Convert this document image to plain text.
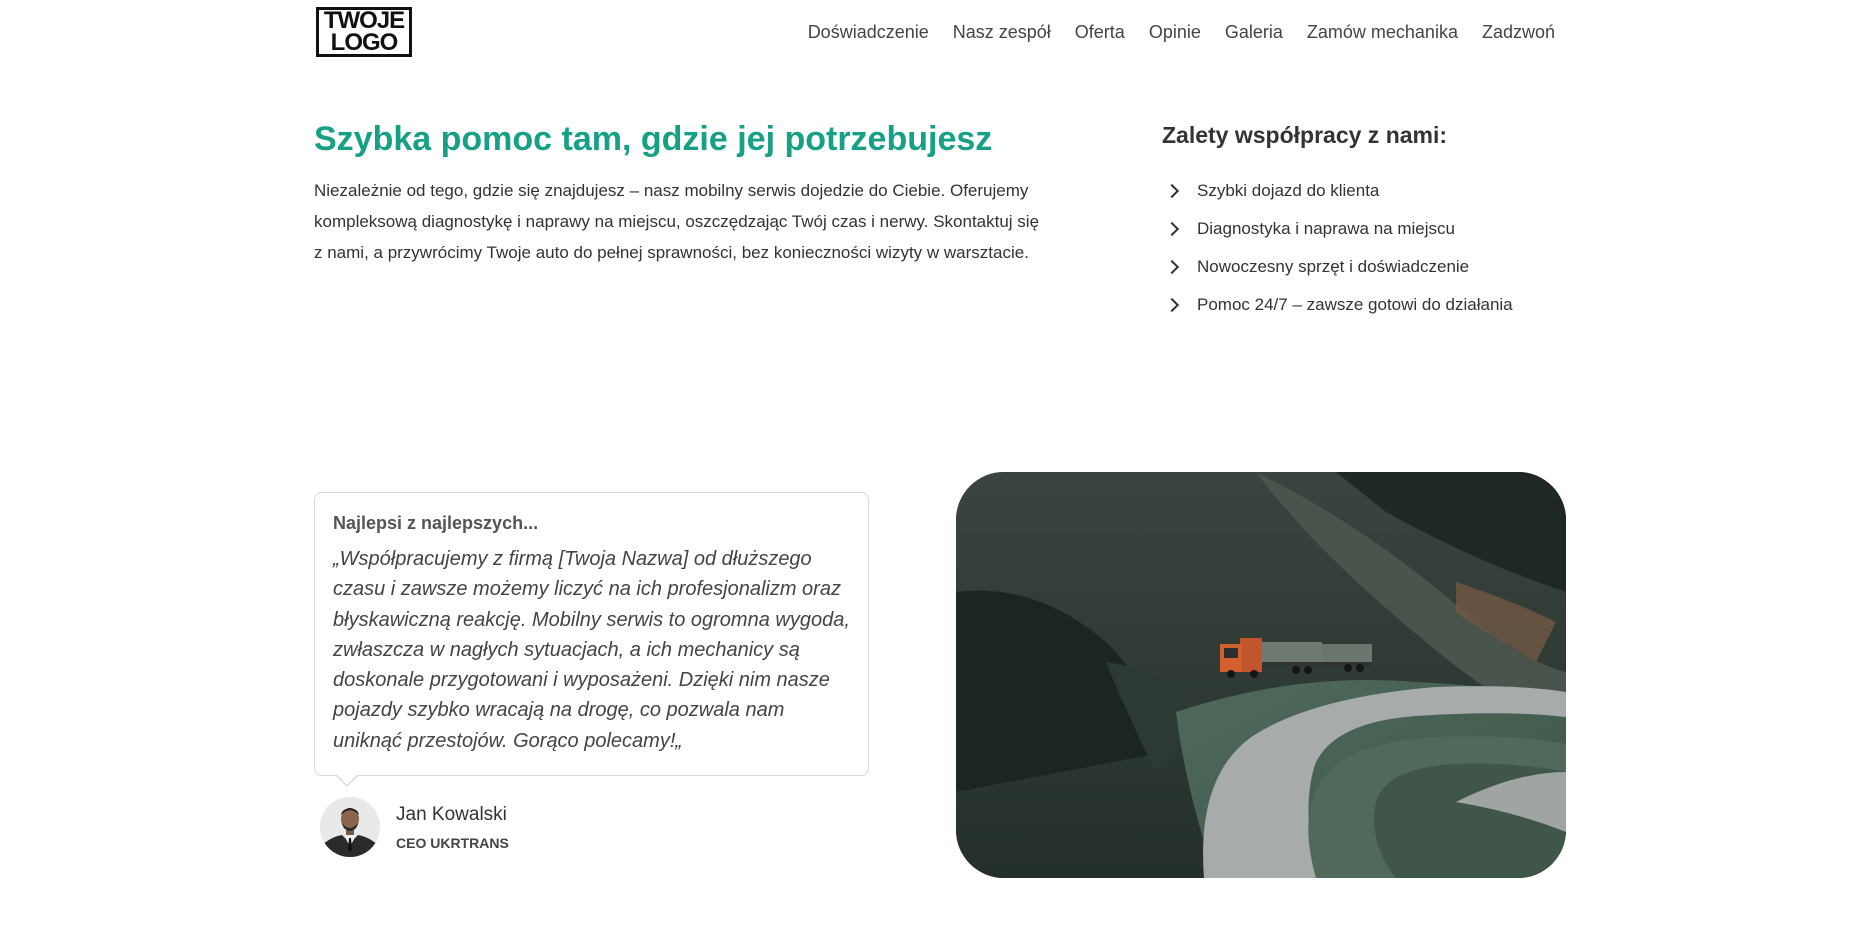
TWOJE
LOGO	Doświadczenie Nasz zespół Oferta Opinie Galeria Zamów mechanika Zadzwoń
Szybka pomoc tam, gdzie jej potrzebujesz

Niezależnie od tego, gdzie się znajdujesz – nasz mobilny serwis dojedzie do Ciebie. Oferujemy kompleksową diagnostykę i naprawy na miejscu, oszczędzając Twój czas i nerwy. Skontaktuj się z nami, a przywrócimy Twoje auto do pełnej sprawności, bez konieczności wizyty w warsztacie.

Zalety współpracy z nami:
Szybki dojazd do klienta
Diagnostyka i naprawa na miejscu
Nowoczesny sprzęt i doświadczenie
Pomoc 24/7 – zawsze gotowi do działania

Najlepsi z najlepszych...

„Współpracujemy z firmą [Twoja Nazwa] od dłuższego czasu i zawsze możemy liczyć na ich profesjonalizm oraz błyskawiczną reakcję. Mobilny serwis to ogromna wygoda, zwłaszcza w nagłych sytuacjach, a ich mechanicy są doskonale przygotowani i wyposażeni. Dzięki nim nasze pojazdy szybko wracają na drogę, co pozwala nam uniknąć przestojów. Gorąco polecamy!„

Jan Kowalski
CEO UKRTRANS
